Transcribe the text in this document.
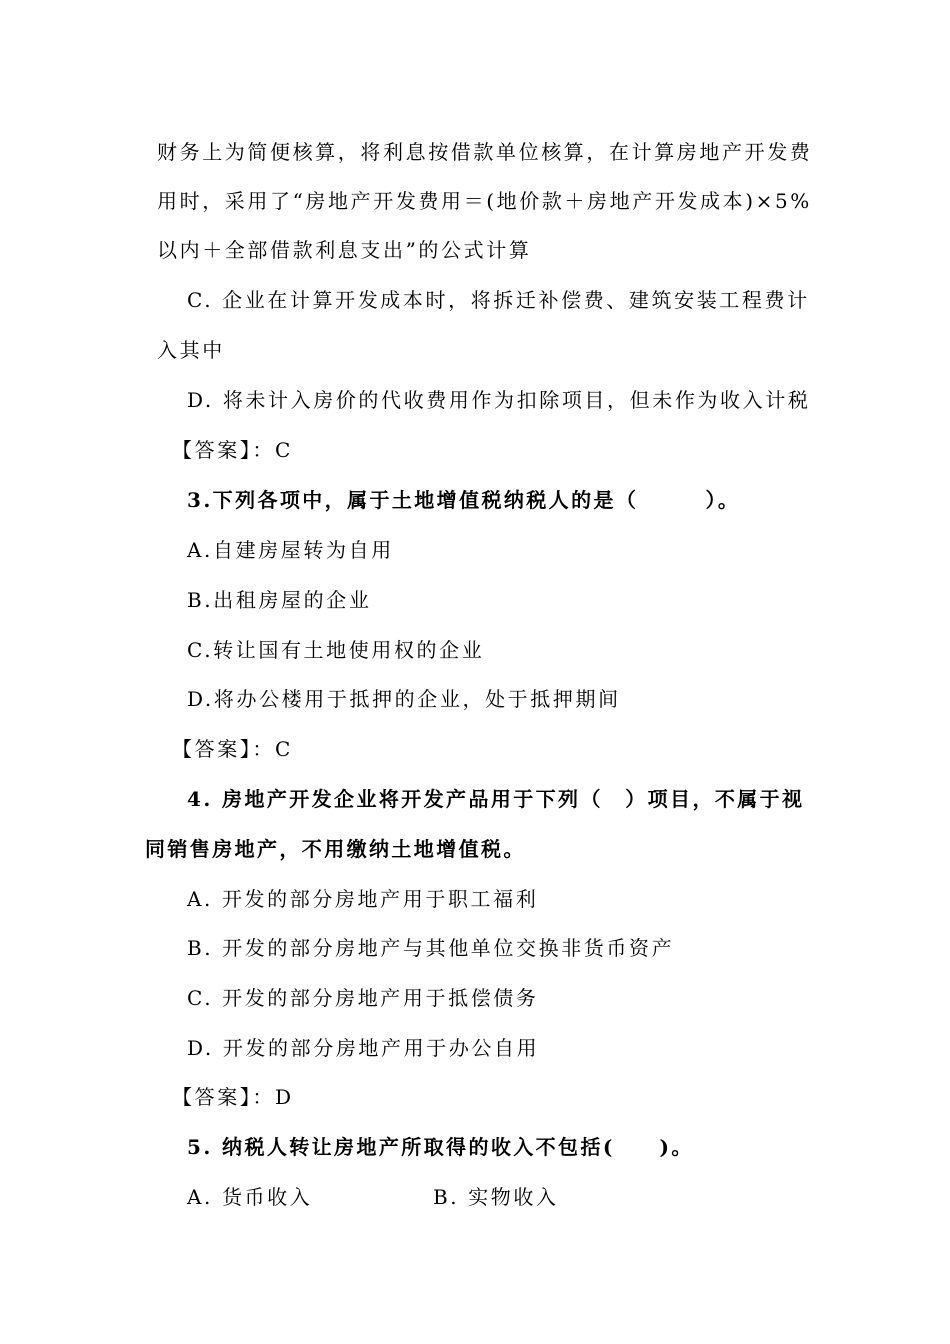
财务上为简便核算，将利息按借款单位核算，在计算房地产开发费
用时，采用了“房地产开发费用＝(地价款＋房地产开发成本)×5%
以内＋全部借款利息支出”的公式计算
C. 企业在计算开发成本时，将拆迁补偿费、建筑安装工程费计
入其中
D. 将未计入房价的代收费用作为扣除项目，但未作为收入计税
【答案】：C
3.下列各项中，属于土地增值税纳税人的是（　　　）。
A.自建房屋转为自用
B.出租房屋的企业
C.转让国有土地使用权的企业
D.将办公楼用于抵押的企业，处于抵押期间
【答案】：C
4. 房地产开发企业将开发产品用于下列（　）项目，不属于视
同销售房地产，不用缴纳土地增值税。
A. 开发的部分房地产用于职工福利
B. 开发的部分房地产与其他单位交换非货币资产
C. 开发的部分房地产用于抵偿债务
D. 开发的部分房地产用于办公自用
【答案】：D
5. 纳税人转让房地产所取得的收入不包括(　　)。
A. 货币收入	B. 实物收入
